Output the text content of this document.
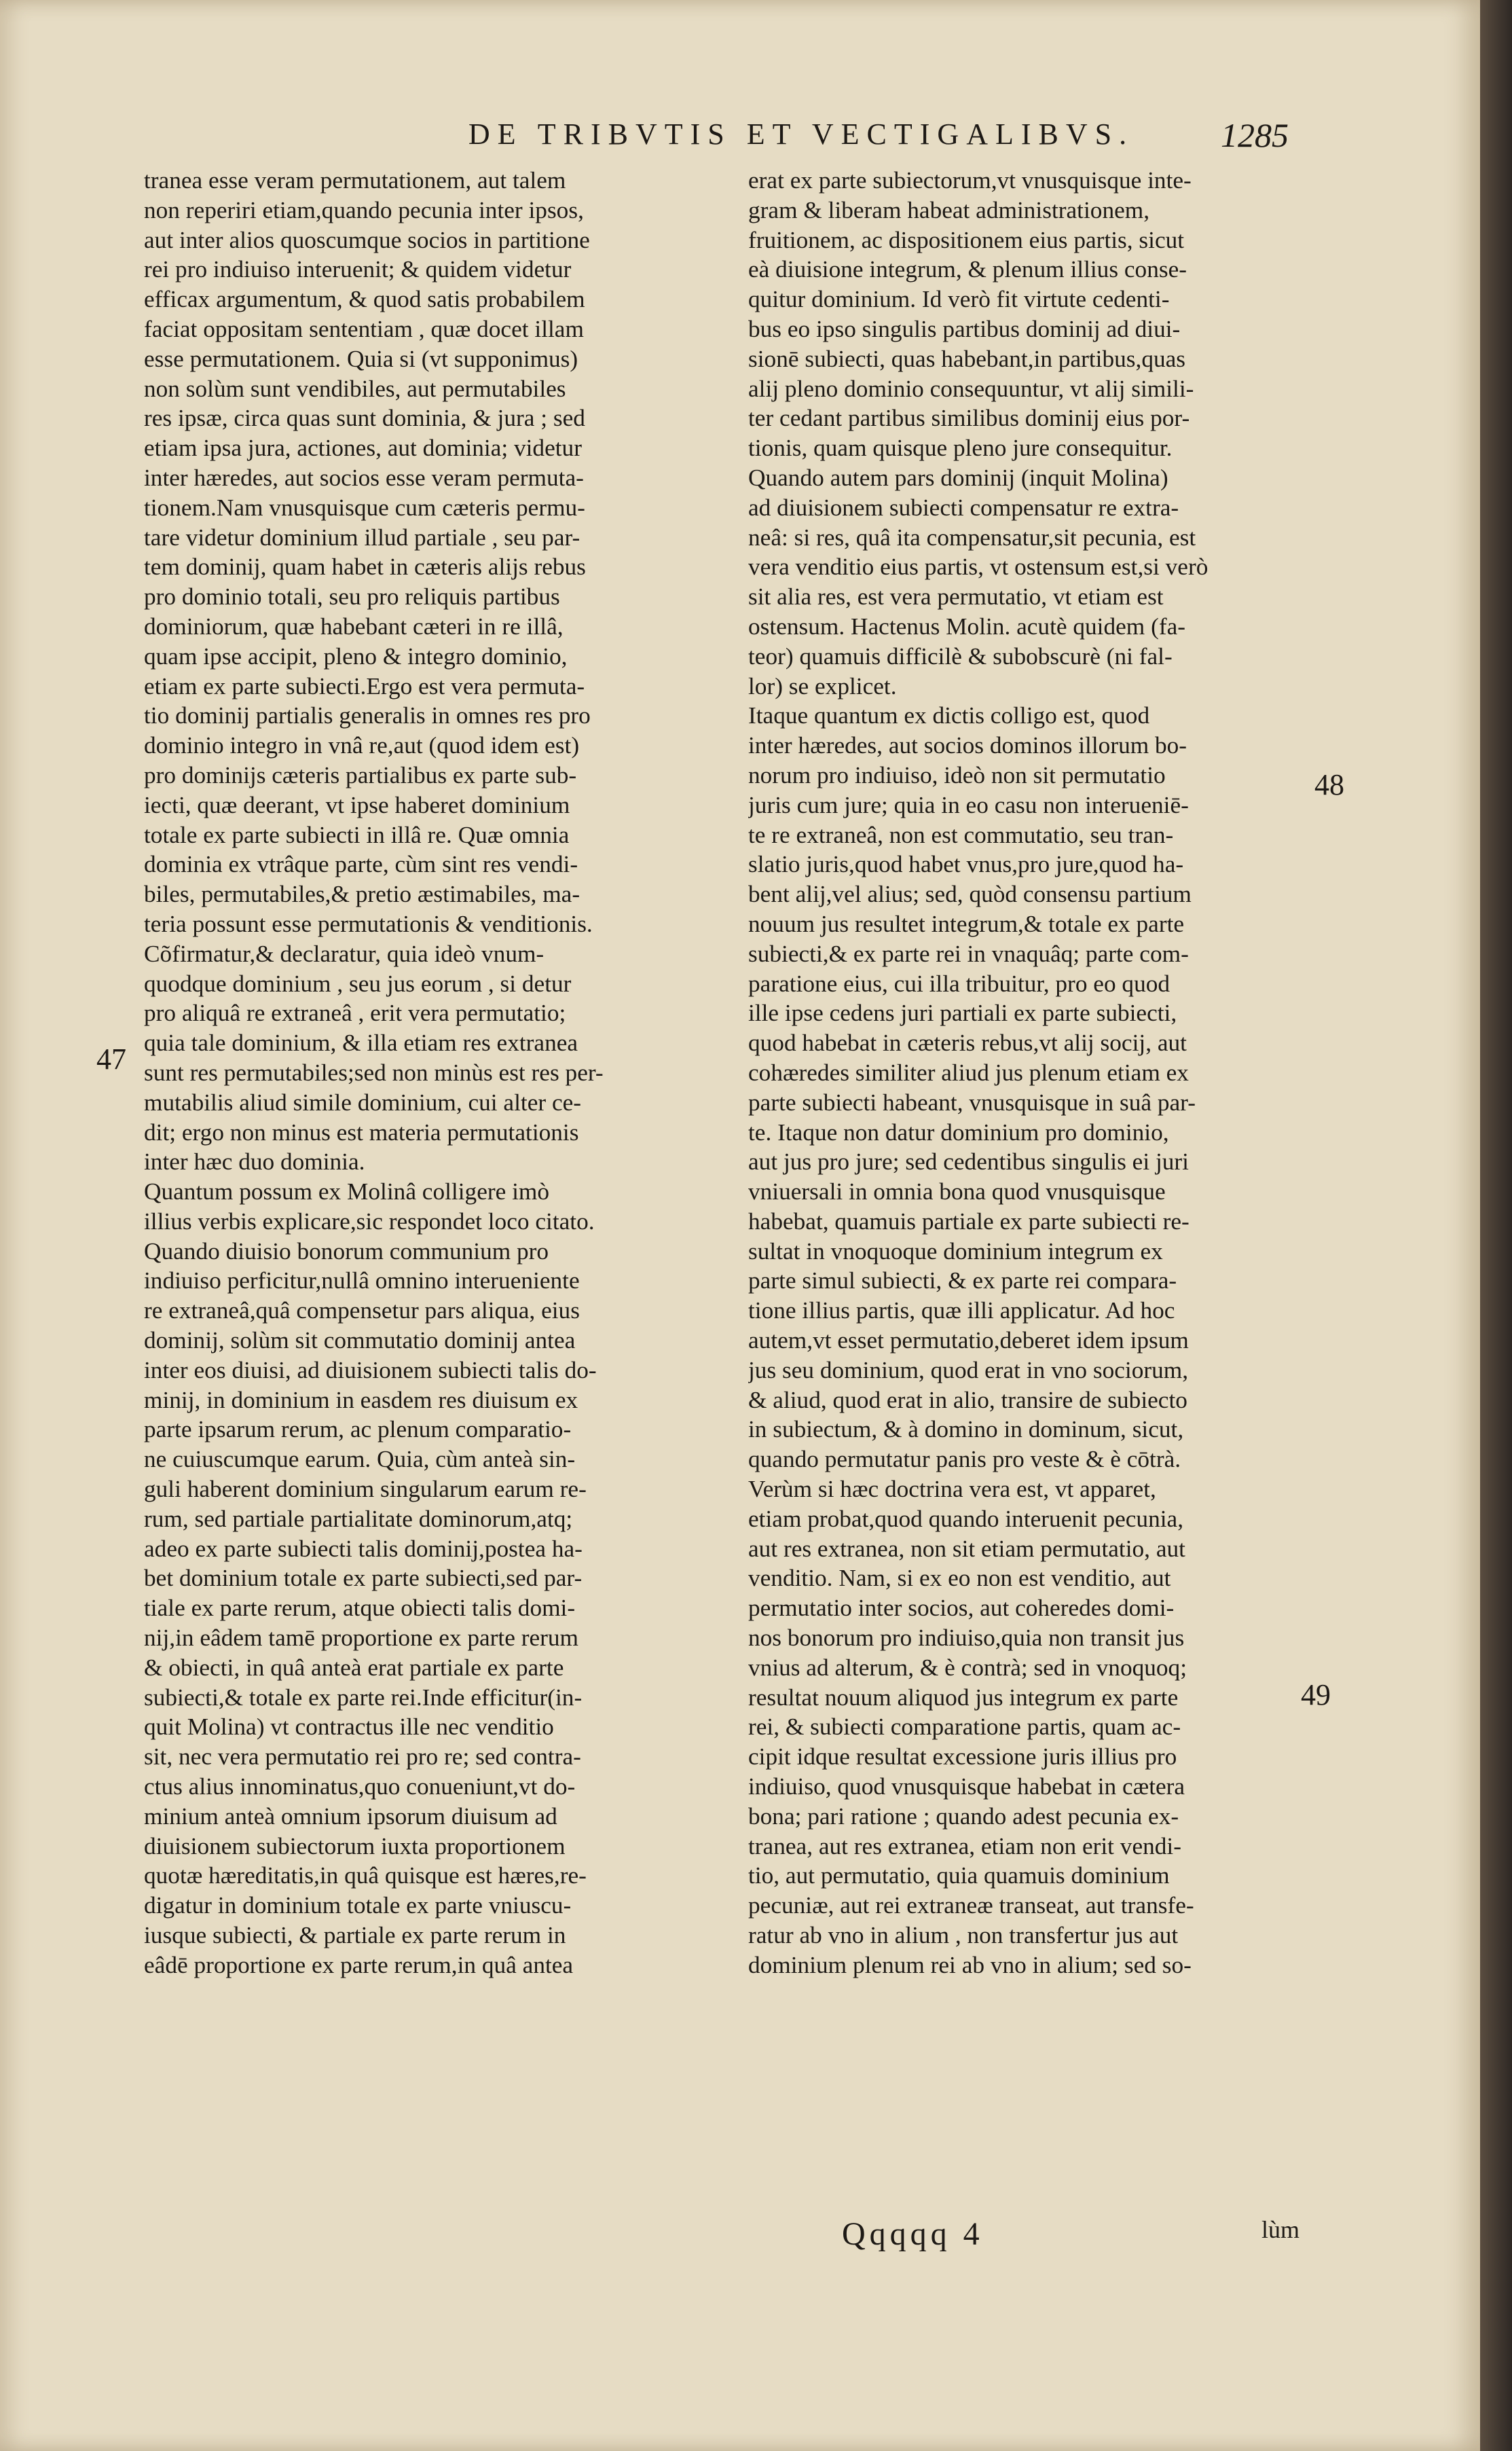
DE TRIBVTIS ET VECTIGALIBVS.	1285
tranea esse veram permutationem, aut talem
non reperiri etiam,quando pecunia inter ipsos,
aut inter alios quoscumque socios in partitione
rei pro indiuiso interuenit; & quidem videtur
efficax argumentum, & quod satis probabilem
faciat oppositam sententiam , quæ docet illam
esse permutationem. Quia si (vt supponimus)
non solùm sunt vendibiles, aut permutabiles
res ipsæ, circa quas sunt dominia, & jura ; sed
etiam ipsa jura, actiones, aut dominia; videtur
inter hæredes, aut socios esse veram permuta-
tionem.Nam vnusquisque cum cæteris permu-
tare videtur dominium illud partiale , seu par-
tem dominij, quam habet in cæteris alijs rebus
pro dominio totali, seu pro reliquis partibus
dominiorum, quæ habebant cæteri in re illâ,
quam ipse accipit, pleno & integro dominio,
etiam ex parte subiecti.Ergo est vera permuta-
tio dominij partialis generalis in omnes res pro
dominio integro in vnâ re,aut (quod idem est)
pro dominijs cæteris partialibus ex parte sub-
iecti, quæ deerant, vt ipse haberet dominium
totale ex parte subiecti in illâ re. Quæ omnia
dominia ex vtrâque parte, cùm sint res vendi-
biles, permutabiles,& pretio æstimabiles, ma-
teria possunt esse permutationis & venditionis.
Cõfirmatur,& declaratur, quia ideò vnum-
quodque dominium , seu jus eorum , si detur
pro aliquâ re extraneâ , erit vera permutatio;
quia tale dominium, & illa etiam res extranea
sunt res permutabiles;sed non minùs est res per-
mutabilis aliud simile dominium, cui alter ce-
dit; ergo non minus est materia permutationis
inter hæc duo dominia.
Quantum possum ex Molinâ colligere imò
illius verbis explicare,sic respondet loco citato.
Quando diuisio bonorum communium pro
indiuiso perficitur,nullâ omnino interueniente
re extraneâ,quâ compensetur pars aliqua, eius
dominij, solùm sit commutatio dominij antea
inter eos diuisi, ad diuisionem subiecti talis do-
minij, in dominium in easdem res diuisum ex
parte ipsarum rerum, ac plenum comparatio-
ne cuiuscumque earum. Quia, cùm anteà sin-
guli haberent dominium singularum earum re-
rum, sed partiale partialitate dominorum,atq;
adeo ex parte subiecti talis dominij,postea ha-
bet dominium totale ex parte subiecti,sed par-
tiale ex parte rerum, atque obiecti talis domi-
nij,in eâdem tamē proportione ex parte rerum
& obiecti, in quâ anteà erat partiale ex parte
subiecti,& totale ex parte rei.Inde efficitur(in-
quit Molina) vt contractus ille nec venditio
sit, nec vera permutatio rei pro re; sed contra-
ctus alius innominatus,quo conueniunt,vt do-
minium anteà omnium ipsorum diuisum ad
diuisionem subiectorum iuxta proportionem
quotæ hæreditatis,in quâ quisque est hæres,re-
digatur in dominium totale ex parte vniuscu-
iusque subiecti, & partiale ex parte rerum in
eâdē proportione ex parte rerum,in quâ antea
erat ex parte subiectorum,vt vnusquisque inte-
gram & liberam habeat administrationem,
fruitionem, ac dispositionem eius partis, sicut
eà diuisione integrum, & plenum illius conse-
quitur dominium. Id verò fit virtute cedenti-
bus eo ipso singulis partibus dominij ad diui-
sionē subiecti, quas habebant,in partibus,quas
alij pleno dominio consequuntur, vt alij simili-
ter cedant partibus similibus dominij eius por-
tionis, quam quisque pleno jure consequitur.
Quando autem pars dominij (inquit Molina)
ad diuisionem subiecti compensatur re extra-
neâ: si res, quâ ita compensatur,sit pecunia, est
vera venditio eius partis, vt ostensum est,si verò
sit alia res, est vera permutatio, vt etiam est
ostensum. Hactenus Molin. acutè quidem (fa-
teor) quamuis difficilè & subobscurè (ni fal-
lor) se explicet.
Itaque quantum ex dictis colligo est, quod
inter hæredes, aut socios dominos illorum bo-
norum pro indiuiso, ideò non sit permutatio
juris cum jure; quia in eo casu non interueniē-
te re extraneâ, non est commutatio, seu tran-
slatio juris,quod habet vnus,pro jure,quod ha-
bent alij,vel alius; sed, quòd consensu partium
nouum jus resultet integrum,& totale ex parte
subiecti,& ex parte rei in vnaquâq; parte com-
paratione eius, cui illa tribuitur, pro eo quod
ille ipse cedens juri partiali ex parte subiecti,
quod habebat in cæteris rebus,vt alij socij, aut
cohæredes similiter aliud jus plenum etiam ex
parte subiecti habeant, vnusquisque in suâ par-
te. Itaque non datur dominium pro dominio,
aut jus pro jure; sed cedentibus singulis ei juri
vniuersali in omnia bona quod vnusquisque
habebat, quamuis partiale ex parte subiecti re-
sultat in vnoquoque dominium integrum ex
parte simul subiecti, & ex parte rei compara-
tione illius partis, quæ illi applicatur. Ad hoc
autem,vt esset permutatio,deberet idem ipsum
jus seu dominium, quod erat in vno sociorum,
& aliud, quod erat in alio, transire de subiecto
in subiectum, & à domino in dominum, sicut,
quando permutatur panis pro veste & è cōtrà.
Verùm si hæc doctrina vera est, vt apparet,
etiam probat,quod quando interuenit pecunia,
aut res extranea, non sit etiam permutatio, aut
venditio. Nam, si ex eo non est venditio, aut
permutatio inter socios, aut coheredes domi-
nos bonorum pro indiuiso,quia non transit jus
vnius ad alterum, & è contrà; sed in vnoquoq;
resultat nouum aliquod jus integrum ex parte
rei, & subiecti comparatione partis, quam ac-
cipit idque resultat excessione juris illius pro
indiuiso, quod vnusquisque habebat in cætera
bona; pari ratione ; quando adest pecunia ex-
tranea, aut res extranea, etiam non erit vendi-
tio, aut permutatio, quia quamuis dominium
pecuniæ, aut rei extraneæ transeat, aut transfe-
ratur ab vno in alium , non transfertur jus aut
dominium plenum rei ab vno in alium; sed so-
47
48
49
Qqqqq 4	lùm
